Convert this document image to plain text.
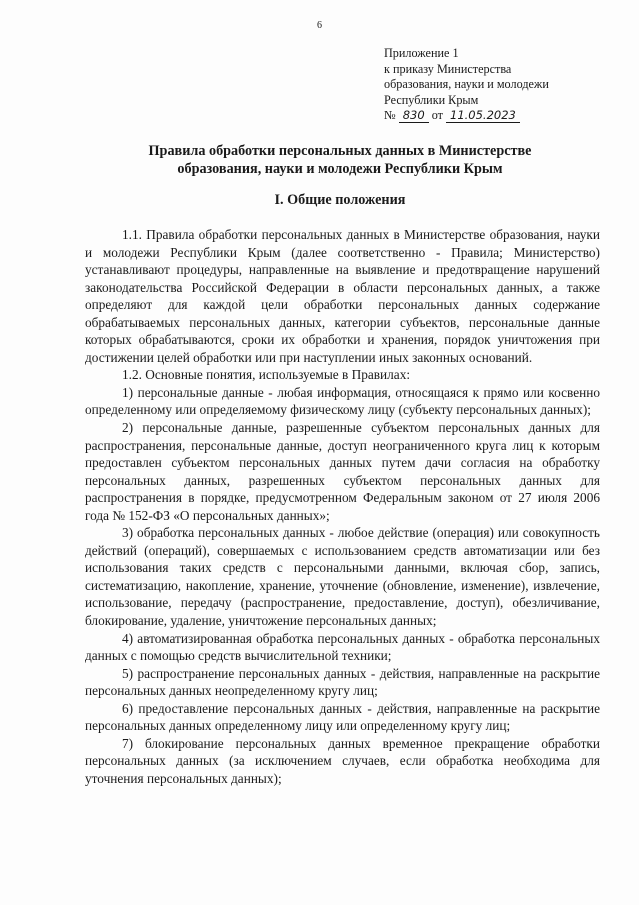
6
Приложение 1
к приказу Министерства
образования, науки и молодежи
Республики Крым
№ 830 от 11.05.2023
Правила обработки персональных данных в Министерстве
образования, науки и молодежи Республики Крым
I. Общие положения

1.1. Правила обработки персональных данных в Министерстве образования, науки и молодежи Республики Крым (далее соответственно - Правила; Министерство) устанавливают процедуры, направленные на выявление и предотвращение нарушений законодательства Российской Федерации в области персональных данных, а также определяют для каждой цели обработки персональных данных содержание обрабатываемых персональных данных, категории субъектов, персональные данные которых обрабатываются, сроки их обработки и хранения, порядок уничтожения при достижении целей обработки или при наступлении иных законных оснований.

1.2. Основные понятия, используемые в Правилах:

1) персональные данные - любая информация, относящаяся к прямо или косвенно определенному или определяемому физическому лицу (субъекту персональных данных);

2) персональные данные, разрешенные субъектом персональных данных для распространения, персональные данные, доступ неограниченного круга лиц к которым предоставлен субъектом персональных данных путем дачи согласия на обработку персональных данных, разрешенных субъектом персональных данных для распространения в порядке, предусмотренном Федеральным законом от 27 июля 2006 года № 152-ФЗ «О персональных данных»;

3) обработка персональных данных - любое действие (операция) или совокупность действий (операций), совершаемых с использованием средств автоматизации или без использования таких средств с персональными данными, включая сбор, запись, систематизацию, накопление, хранение, уточнение (обновление, изменение), извлечение, использование, передачу (распространение, предоставление, доступ), обезличивание, блокирование, удаление, уничтожение персональных данных;

4) автоматизированная обработка персональных данных - обработка персональных данных с помощью средств вычислительной техники;

5) распространение персональных данных - действия, направленные на раскрытие персональных данных неопределенному кругу лиц;

6) предоставление персональных данных - действия, направленные на раскрытие персональных данных определенному лицу или определенному кругу лиц;

7) блокирование персональных данных временное прекращение обработки персональных данных (за исключением случаев, если обработка необходима для уточнения персональных данных);
